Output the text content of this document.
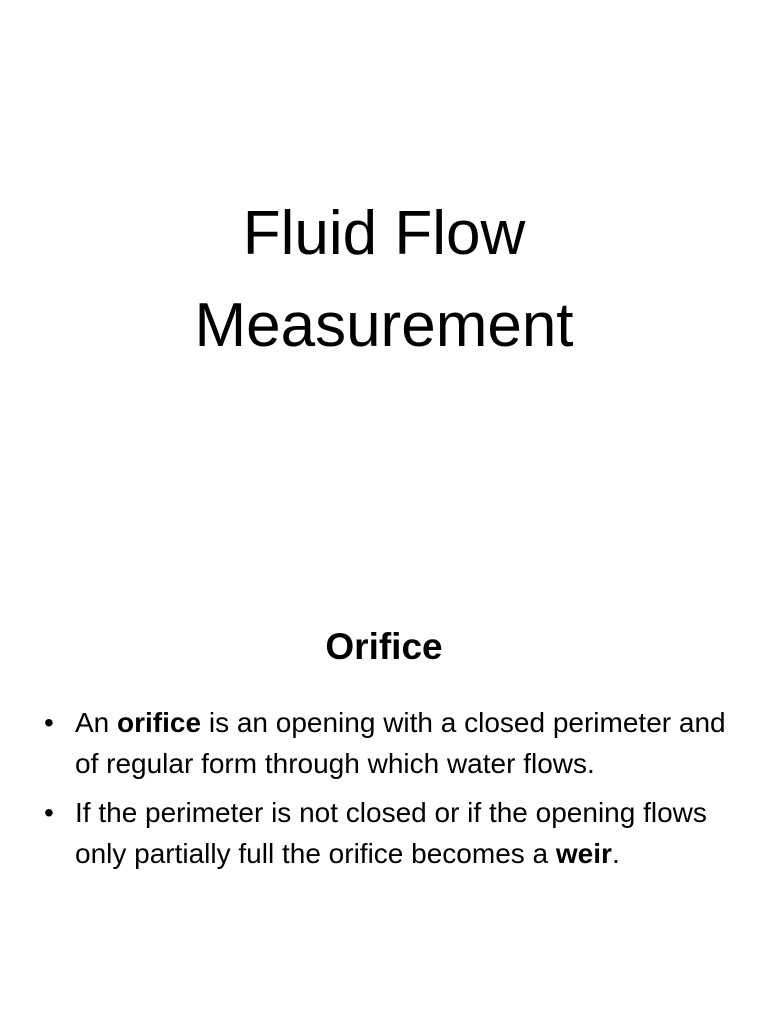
Fluid Flow
Measurement
Orifice
• An orifice is an opening with a closed perimeter and of regular form through which water flows.
• If the perimeter is not closed or if the opening flows only partially full the orifice becomes a weir.
